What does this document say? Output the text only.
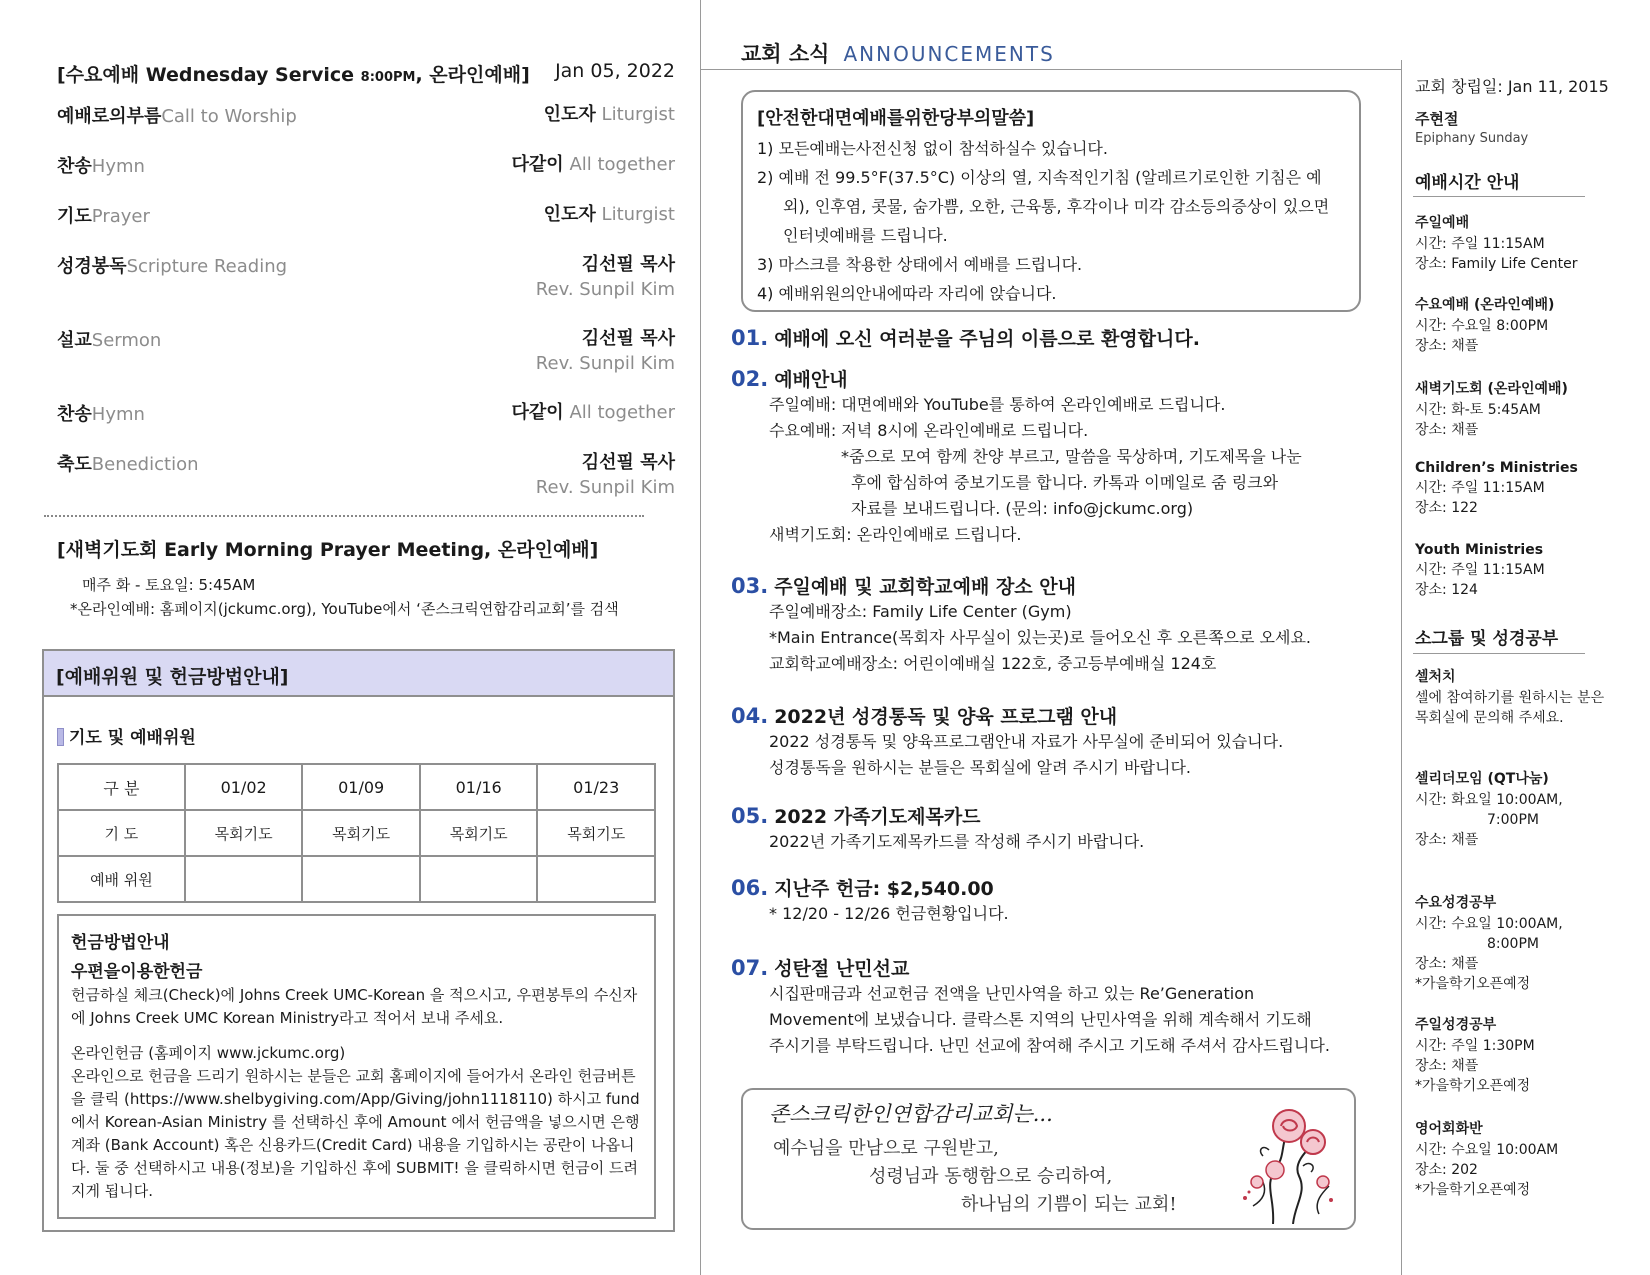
[수요예배 Wednesday Service 8:00PM, 온라인예배] Jan 05, 2022
예배로의부름Call to Worship	인도자 Liturgist
찬송Hymn	다같이 All together
기도Prayer	인도자 Liturgist
성경봉독Scripture Reading	김선필 목사
Rev. Sunpil Kim
설교Sermon	김선필 목사
Rev. Sunpil Kim
찬송Hymn	다같이 All together
축도Benediction	김선필 목사
Rev. Sunpil Kim
[새벽기도회 Early Morning Prayer Meeting, 온라인예배]
매주 화 - 토요일: 5:45AM
*온라인예배: 홈페이지(jckumc.org), YouTube에서 ‘존스크릭연합감리교회’를 검색
[예배위원 및 헌금방법안내]
기도 및 예배위원
구 분	01/02	01/09	01/16	01/23
기 도	목회기도	목회기도	목회기도	목회기도
예배 위원				
헌금방법안내
우편을이용한헌금

헌금하실 체크(Check)에 Johns Creek UMC-Korean 을 적으시고, 우편봉투의 수신자에 Johns Creek UMC Korean Ministry라고 적어서 보내 주세요.

온라인헌금 (홈페이지 www.jckumc.org)

온라인으로 헌금을 드리기 원하시는 분들은 교회 홈페이지에 들어가서 온라인 헌금버튼을 클릭 (https://www.shelbygiving.com/App/Giving/john1118110) 하시고 fund 에서 Korean-Asian Ministry 를 선택하신 후에 Amount 에서 헌금액을 넣으시면 은행계좌 (Bank Account) 혹은 신용카드(Credit Card) 내용을 기입하시는 공란이 나옵니다. 둘 중 선택하시고 내용(정보)을 기입하신 후에 SUBMIT! 을 클릭하시면 헌금이 드려지게 됩니다.

교회 소식 ANNOUNCEMENTS
[안전한대면예배를위한당부의말씀]
1) 모든예배는사전신청 없이 참석하실수 있습니다.
2) 예배 전 99.5°F(37.5°C) 이상의 열, 지속적인기침 (알레르기로인한 기침은 예외), 인후염, 콧물, 숨가쁨, 오한, 근육통, 후각이나 미각 감소등의증상이 있으면 인터넷예배를 드립니다.
3) 마스크를 착용한 상태에서 예배를 드립니다.
4) 예배위원의안내에따라 자리에 앉습니다.
01. 예배에 오신 여러분을 주님의 이름으로 환영합니다.
02. 예배안내
주일예배: 대면예배와 YouTube를 통하여 온라인예배로 드립니다.
수요예배: 저녁 8시에 온라인예배로 드립니다.
*줌으로 모여 함께 찬양 부르고, 말씀을 묵상하며, 기도제목을 나눈
후에 합심하여 중보기도를 합니다. 카톡과 이메일로 줌 링크와
자료를 보내드립니다. (문의: info@jckumc.org)
새벽기도회: 온라인예배로 드립니다.
03. 주일예배 및 교회학교예배 장소 안내
주일예배장소: Family Life Center (Gym)
*Main Entrance(목회자 사무실이 있는곳)로 들어오신 후 오른쪽으로 오세요.
교회학교예배장소: 어린이예배실 122호, 중고등부예배실 124호
04. 2022년 성경통독 및 양육 프로그램 안내
2022 성경통독 및 양육프로그램안내 자료가 사무실에 준비되어 있습니다.
성경통독을 원하시는 분들은 목회실에 알려 주시기 바랍니다.
05. 2022 가족기도제목카드
2022년 가족기도제목카드를 작성해 주시기 바랍니다.
06. 지난주 헌금: $2,540.00
* 12/20 - 12/26 헌금현황입니다.
07. 성탄절 난민선교
시집판매금과 선교헌금 전액을 난민사역을 하고 있는 Re’Generation
Movement에 보냈습니다. 클락스톤 지역의 난민사역을 위해 계속해서 기도해
주시기를 부탁드립니다. 난민 선교에 참여해 주시고 기도해 주셔서 감사드립니다.
존스크릭한인연합감리교회는...
예수님을 만남으로 구원받고,
성령님과 동행함으로 승리하여,
하나님의 기쁨이 되는 교회!
교회 창립일: Jan 11, 2015
주현절
Epiphany Sunday
예배시간 안내
주일예배
시간: 주일 11:15AM
장소: Family Life Center
수요예배 (온라인예배)
시간: 수요일 8:00PM
장소: 채플
새벽기도회 (온라인예배)
시간: 화-토 5:45AM
장소: 채플
Children’s Ministries
시간: 주일 11:15AM
장소: 122
Youth Ministries
시간: 주일 11:15AM
장소: 124
소그룹 및 성경공부
셀처치
셀에 참여하기를 원하시는 분은
목회실에 문의해 주세요.
셀리더모임 (QT나눔)
시간: 화요일 10:00AM,
7:00PM
장소: 채플
수요성경공부
시간: 수요일 10:00AM,
8:00PM
장소: 채플
*가을학기오픈예정
주일성경공부
시간: 주일 1:30PM
장소: 채플
*가을학기오픈예정
영어회화반
시간: 수요일 10:00AM
장소: 202
*가을학기오픈예정
